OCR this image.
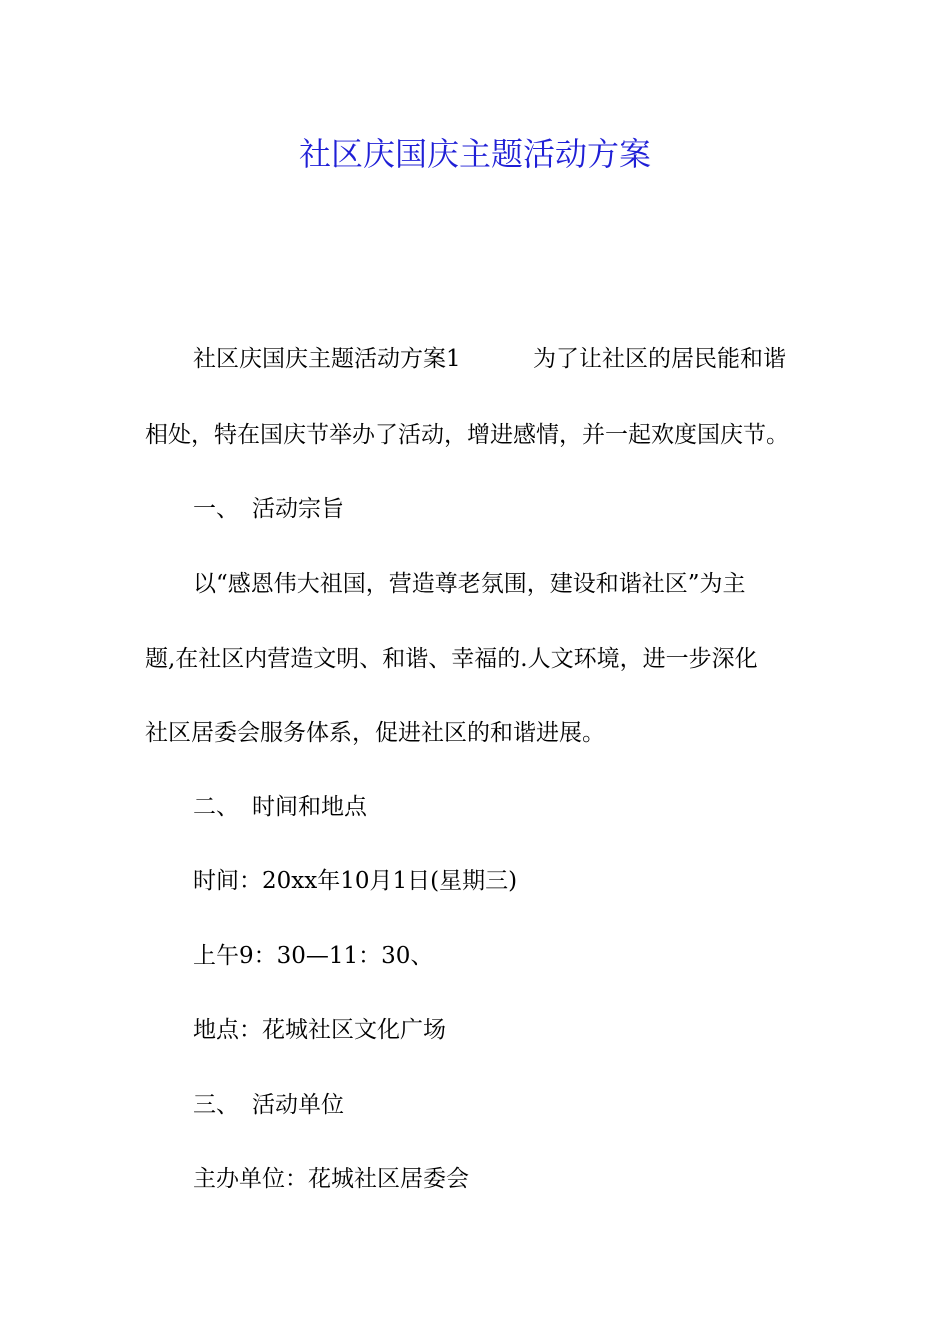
社区庆国庆主题活动方案

社区庆国庆主题活动方案1	为了让社区的居民能和谐

相处，特在国庆节举办了活动，增进感情，并一起欢度国庆节。

一、 活动宗旨

以“感恩伟大祖国，营造尊老氛围，建设和谐社区”为主

题,在社区内营造文明、和谐、幸福的.人文环境，进一步深化

社区居委会服务体系，促进社区的和谐进展。

二、 时间和地点

时间：20xx年10月1日(星期三)

上午9：30—11：30、

地点：花城社区文化广场

三、 活动单位

主办单位：花城社区居委会
